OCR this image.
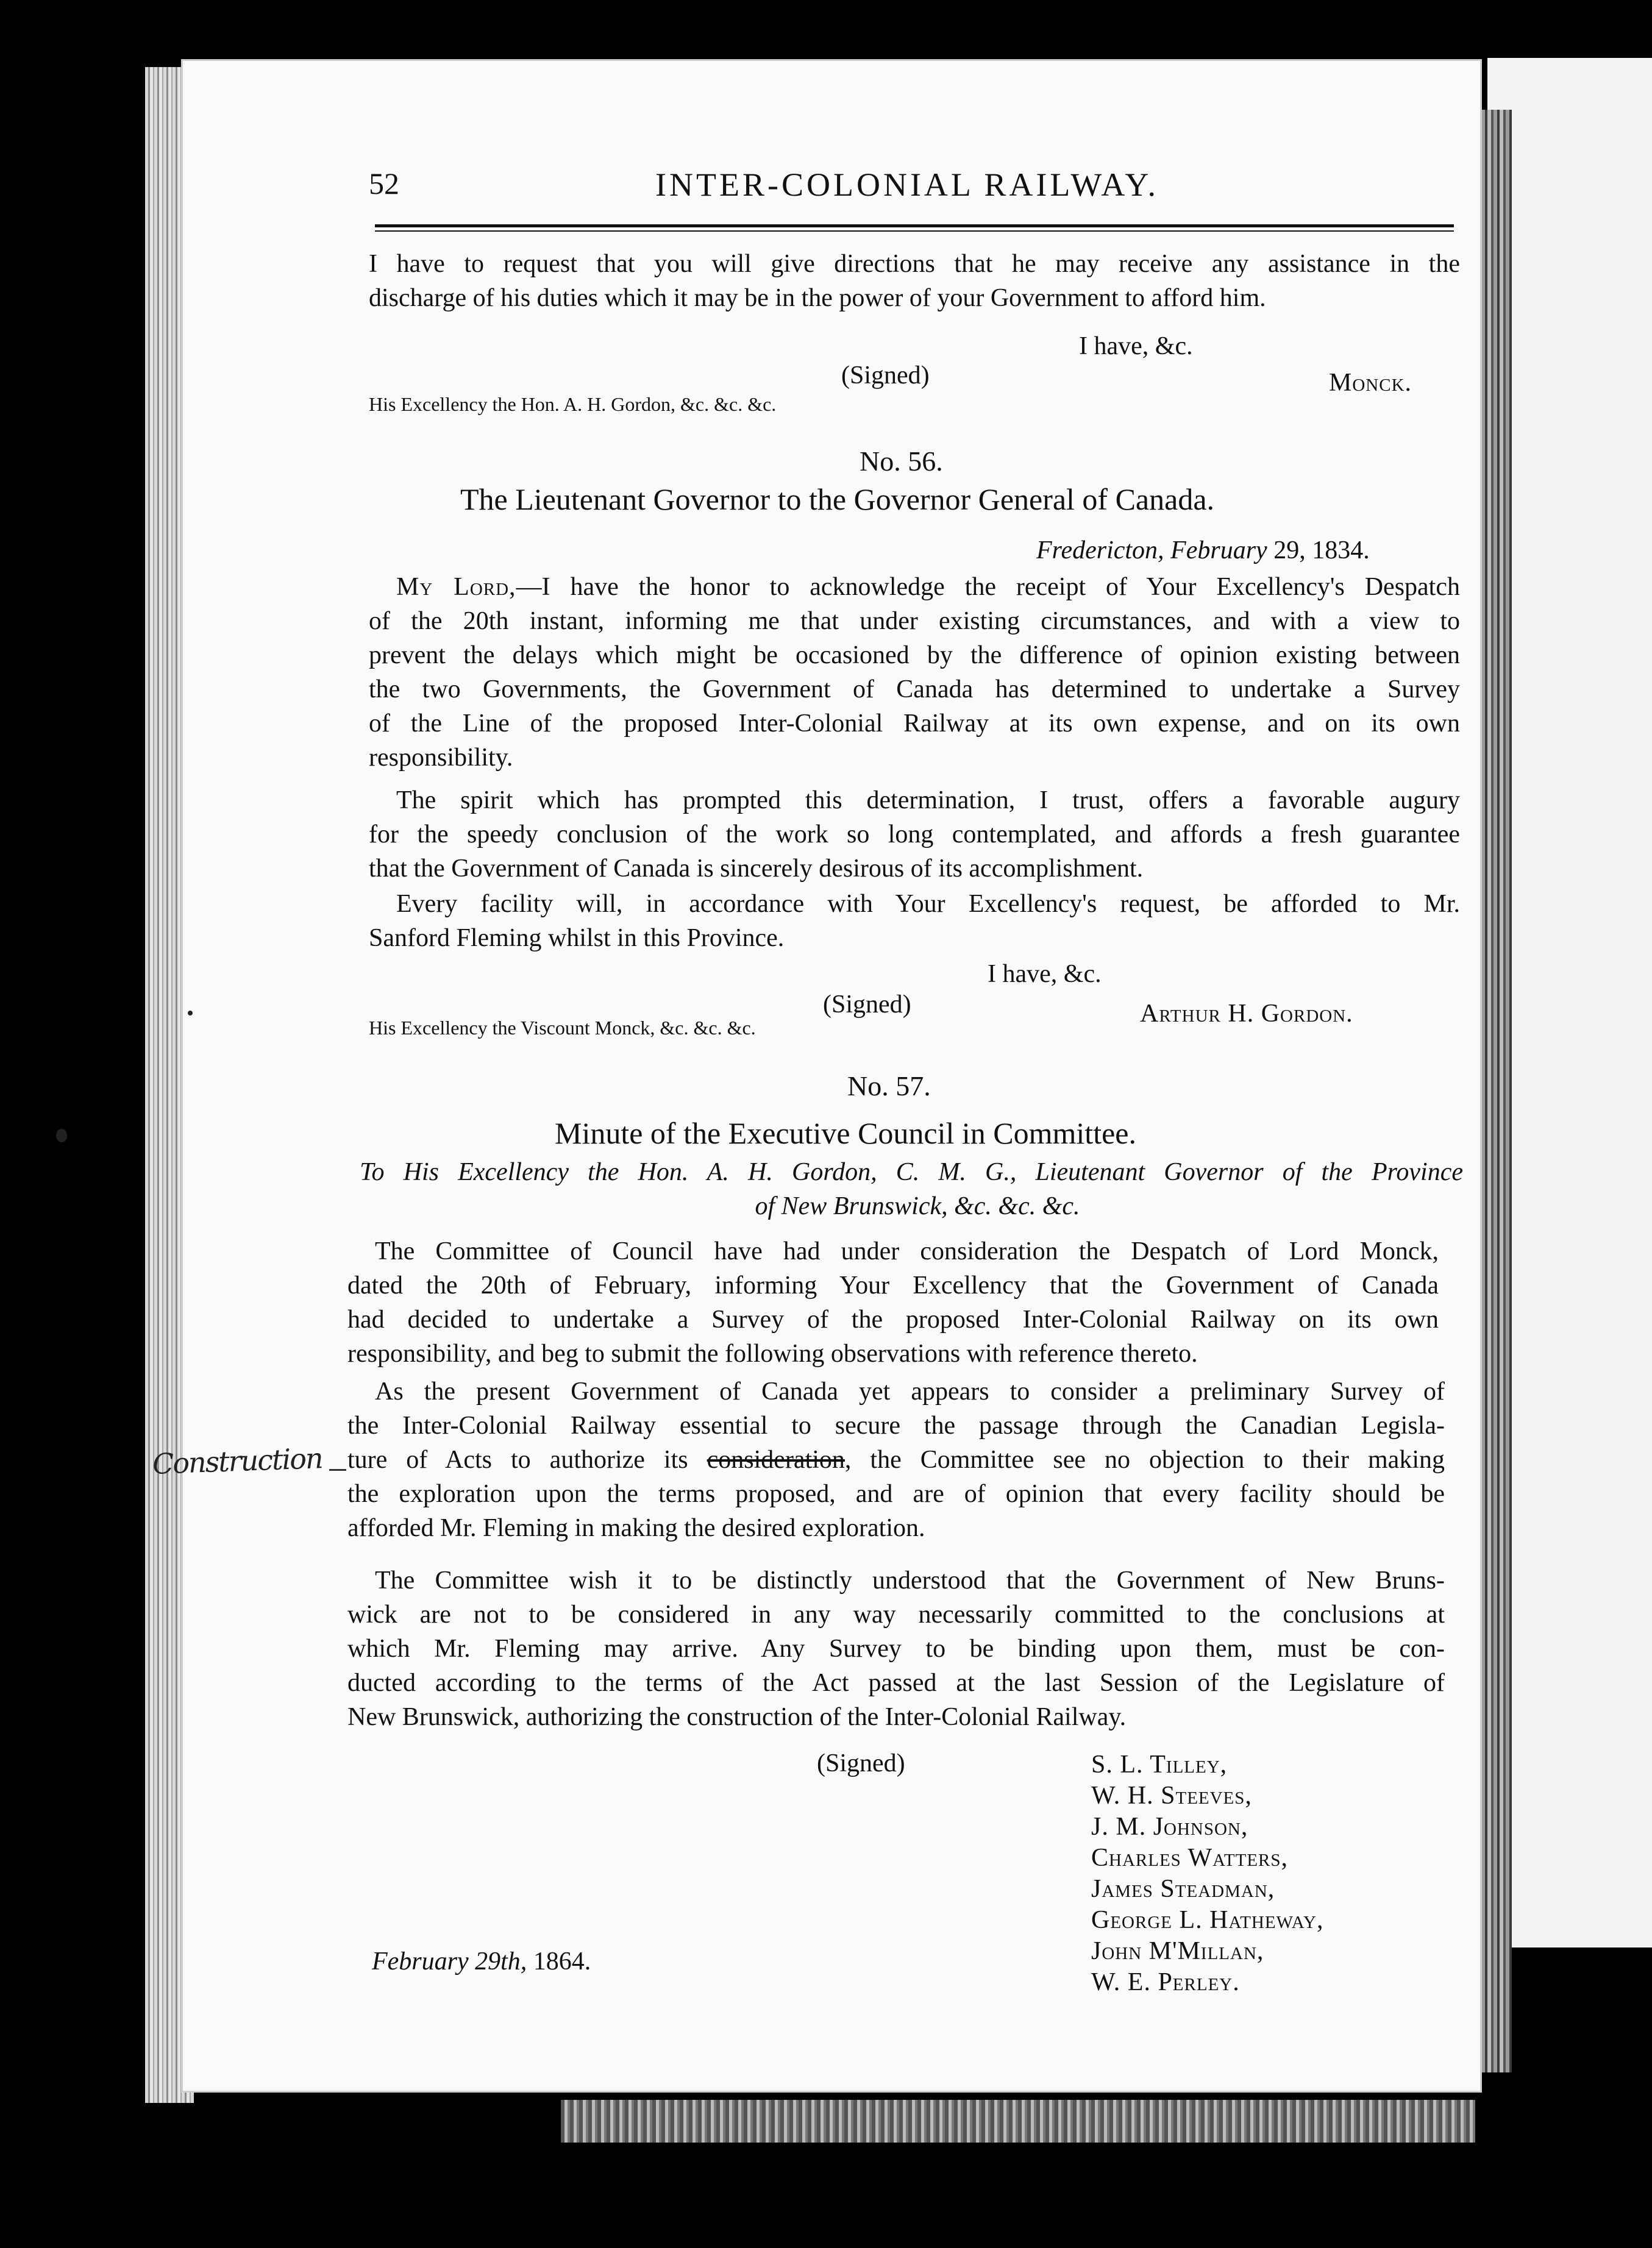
52	INTER-COLONIAL RAILWAY.
I have to request that you will give directions that he may receive any assistance in the
discharge of his duties which it may be in the power of your Government to afford him.
I have, &c.
(Signed)	Monck.
His Excellency the Hon. A. H. Gordon, &c. &c. &c.
No. 56.
The Lieutenant Governor to the Governor General of Canada.
Fredericton, February 29, 1834.
My Lord,—I have the honor to acknowledge the receipt of Your Excellency's Despatch
of the 20th instant, informing me that under existing circumstances, and with a view to
prevent the delays which might be occasioned by the difference of opinion existing between
the two Governments, the Government of Canada has determined to undertake a Survey
of the Line of the proposed Inter-Colonial Railway at its own expense, and on its own
responsibility.
The spirit which has prompted this determination, I trust, offers a favorable augury
for the speedy conclusion of the work so long contemplated, and affords a fresh guarantee
that the Government of Canada is sincerely desirous of its accomplishment.
Every facility will, in accordance with Your Excellency's request, be afforded to Mr.
Sanford Fleming whilst in this Province.
I have, &c.
(Signed)	Arthur H. Gordon.
His Excellency the Viscount Monck, &c. &c. &c.
No. 57.
Minute of the Executive Council in Committee.
To His Excellency the Hon. A. H. Gordon, C. M. G., Lieutenant Governor of the Province
of New Brunswick, &c. &c. &c.
The Committee of Council have had under consideration the Despatch of Lord Monck,
dated the 20th of February, informing Your Excellency that the Government of Canada
had decided to undertake a Survey of the proposed Inter-Colonial Railway on its own
responsibility, and beg to submit the following observations with reference thereto.
As the present Government of Canada yet appears to consider a preliminary Survey of
the Inter-Colonial Railway essential to secure the passage through the Canadian Legisla-
ture of Acts to authorize its consideration, the Committee see no objection to their making
the exploration upon the terms proposed, and are of opinion that every facility should be
afforded Mr. Fleming in making the desired exploration.
Construction
The Committee wish it to be distinctly understood that the Government of New Bruns-
wick are not to be considered in any way necessarily committed to the conclusions at
which Mr. Fleming may arrive. Any Survey to be binding upon them, must be con-
ducted according to the terms of the Act passed at the last Session of the Legislature of
New Brunswick, authorizing the construction of the Inter-Colonial Railway.
(Signed)	S. L. Tilley,
W. H. Steeves,
J. M. Johnson,
Charles Watters,
James Steadman,
George L. Hatheway,
John M'Millan,
W. E. Perley.
February 29th, 1864.
